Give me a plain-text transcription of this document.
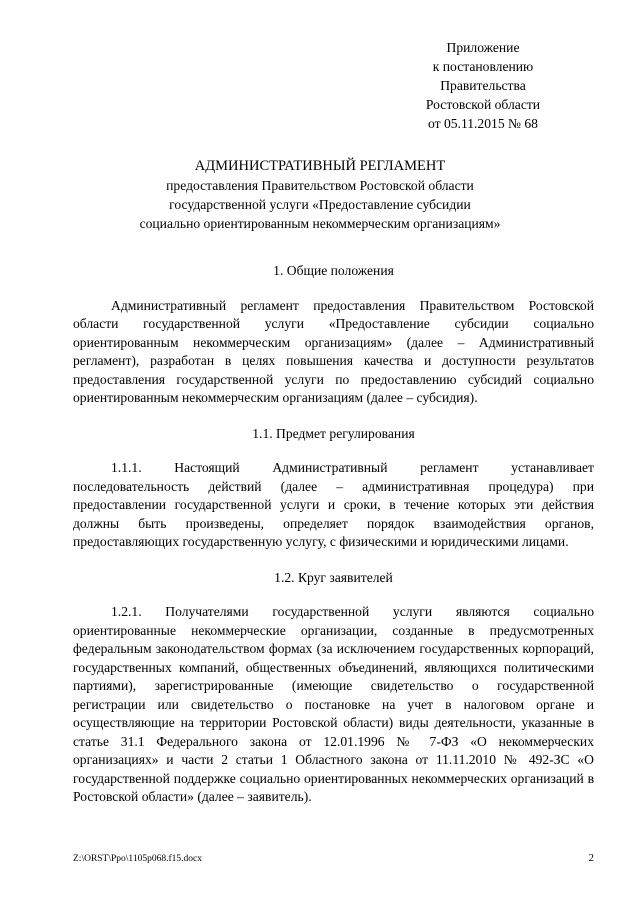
Приложение
к постановлению
Правительства
Ростовской области
от 05.11.2015 № 68
АДМИНИСТРАТИВНЫЙ РЕГЛАМЕНТ
предоставления Правительством Ростовской области
государственной услуги «Предоставление субсидии
социально ориентированным некоммерческим организациям»

1. Общие положения

Административный регламент предоставления Правительством Ростовской области государственной услуги «Предоставление субсидии социально ориентированным некоммерческим организациям» (далее – Административный регламент), разработан в целях повышения качества и доступности результатов предоставления государственной услуги по предоставлению субсидий социально ориентированным некоммерческим организациям (далее – субсидия).

1.1. Предмет регулирования

1.1.1. Настоящий Административный регламент устанавливает последовательность действий (далее – административная процедура) при предоставлении государственной услуги и сроки, в течение которых эти действия должны быть произведены, определяет порядок взаимодействия органов, предоставляющих государственную услугу, с физическими и юридическими лицами.

1.2. Круг заявителей

1.2.1. Получателями государственной услуги являются социально ориентированные некоммерческие организации, созданные в предусмотренных федеральным законодательством формах (за исключением государственных корпораций, государственных компаний, общественных объединений, являющихся политическими партиями), зарегистрированные (имеющие свидетельство о государственной регистрации или свидетельство о постановке на учет в налоговом органе и осуществляющие на территории Ростовской области) виды деятельности, указанные в статье 31.1 Федерального закона от 12.01.1996 № 7-ФЗ «О некоммерческих организациях» и части 2 статьи 1 Областного закона от 11.11.2010 № 492-ЗС «О государственной поддержке социально ориентированных некоммерческих организаций в Ростовской области» (далее – заявитель).

Z:\ORST\Ppo\1105p068.f15.docx	2
